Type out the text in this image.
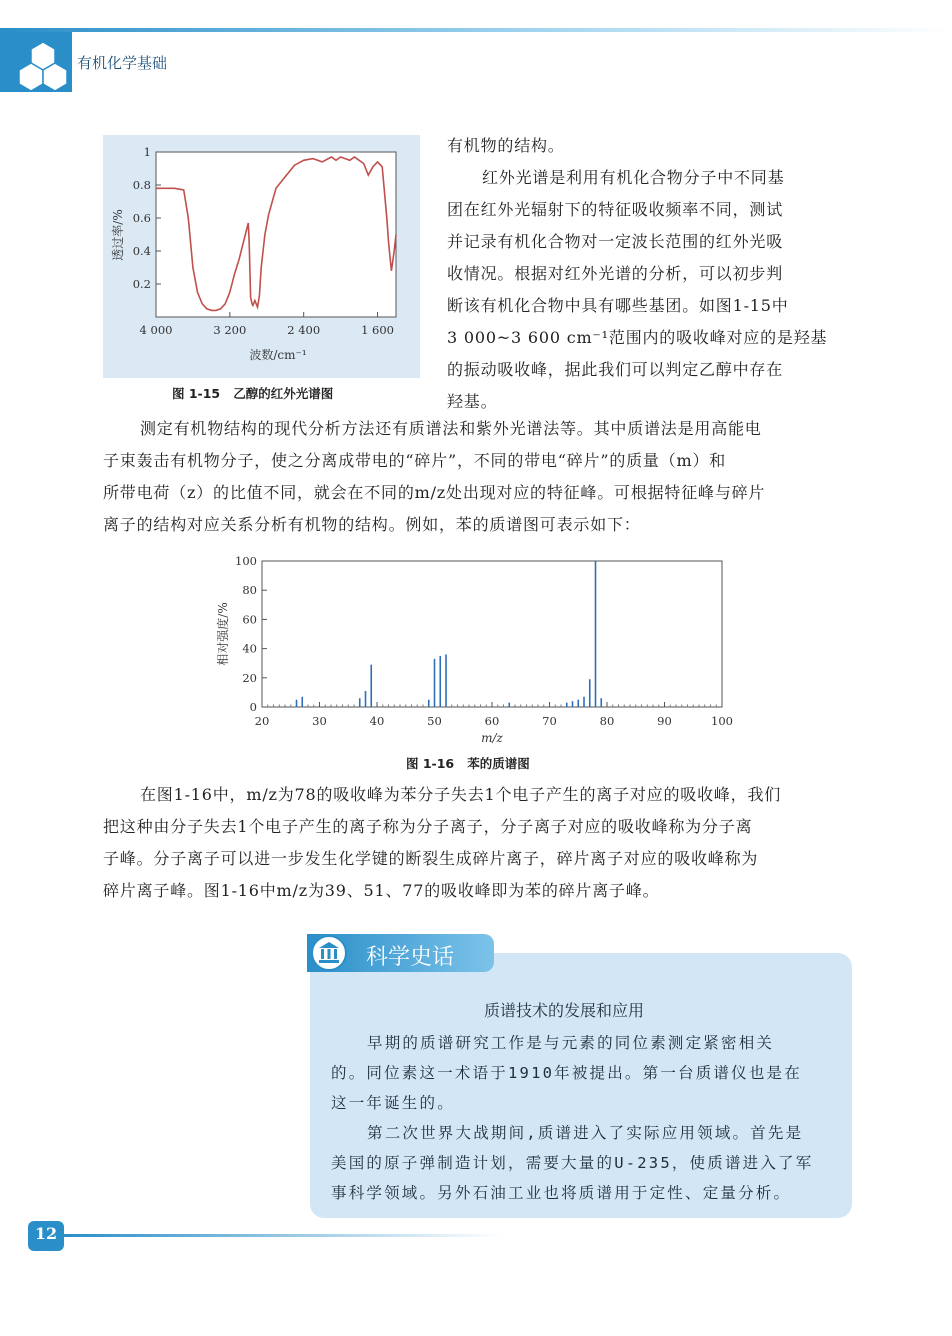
有机化学基础
0.2
0.4
0.6
0.8
1
4 000	3 200	2 400	1 600
波数/cm⁻¹
透过率/%
图 1-15 乙醇的红外光谱图
有机物的结构。
红外光谱是利用有机化合物分子中不同基
团在红外光辐射下的特征吸收频率不同，测试
并记录有机化合物对一定波长范围的红外光吸
收情况。根据对红外光谱的分析，可以初步判
断该有机化合物中具有哪些基团。如图1-15中
3 000~3 600 cm⁻¹范围内的吸收峰对应的是羟基
的振动吸收峰，据此我们可以判定乙醇中存在
羟基。
测定有机物结构的现代分析方法还有质谱法和紫外光谱法等。其中质谱法是用高能电
子束轰击有机物分子，使之分离成带电的“碎片”，不同的带电“碎片”的质量（m）和
所带电荷（z）的比值不同，就会在不同的m/z处出现对应的特征峰。可根据特征峰与碎片
离子的结构对应关系分析有机物的结构。例如，苯的质谱图可表示如下：
0
20
40
60
80
100
20	30	40	50	60	70	80	90	100
m/z
相对强度/%
图 1-16 苯的质谱图
在图1-16中，m/z为78的吸收峰为苯分子失去1个电子产生的离子对应的吸收峰，我们
把这种由分子失去1个电子产生的离子称为分子离子，分子离子对应的吸收峰称为分子离
子峰。分子离子可以进一步发生化学键的断裂生成碎片离子，碎片离子对应的吸收峰称为
碎片离子峰。图1-16中m/z为39、51、77的吸收峰即为苯的碎片离子峰。
科学史话
质谱技术的发展和应用
早期的质谱研究工作是与元素的同位素测定紧密相关
的。同位素这一术语于1910年被提出。第一台质谱仪也是在
这一年诞生的。
第二次世界大战期间,质谱进入了实际应用领域。首先是
美国的原子弹制造计划，需要大量的U-235，使质谱进入了军
事科学领域。另外石油工业也将质谱用于定性、定量分析。
12
